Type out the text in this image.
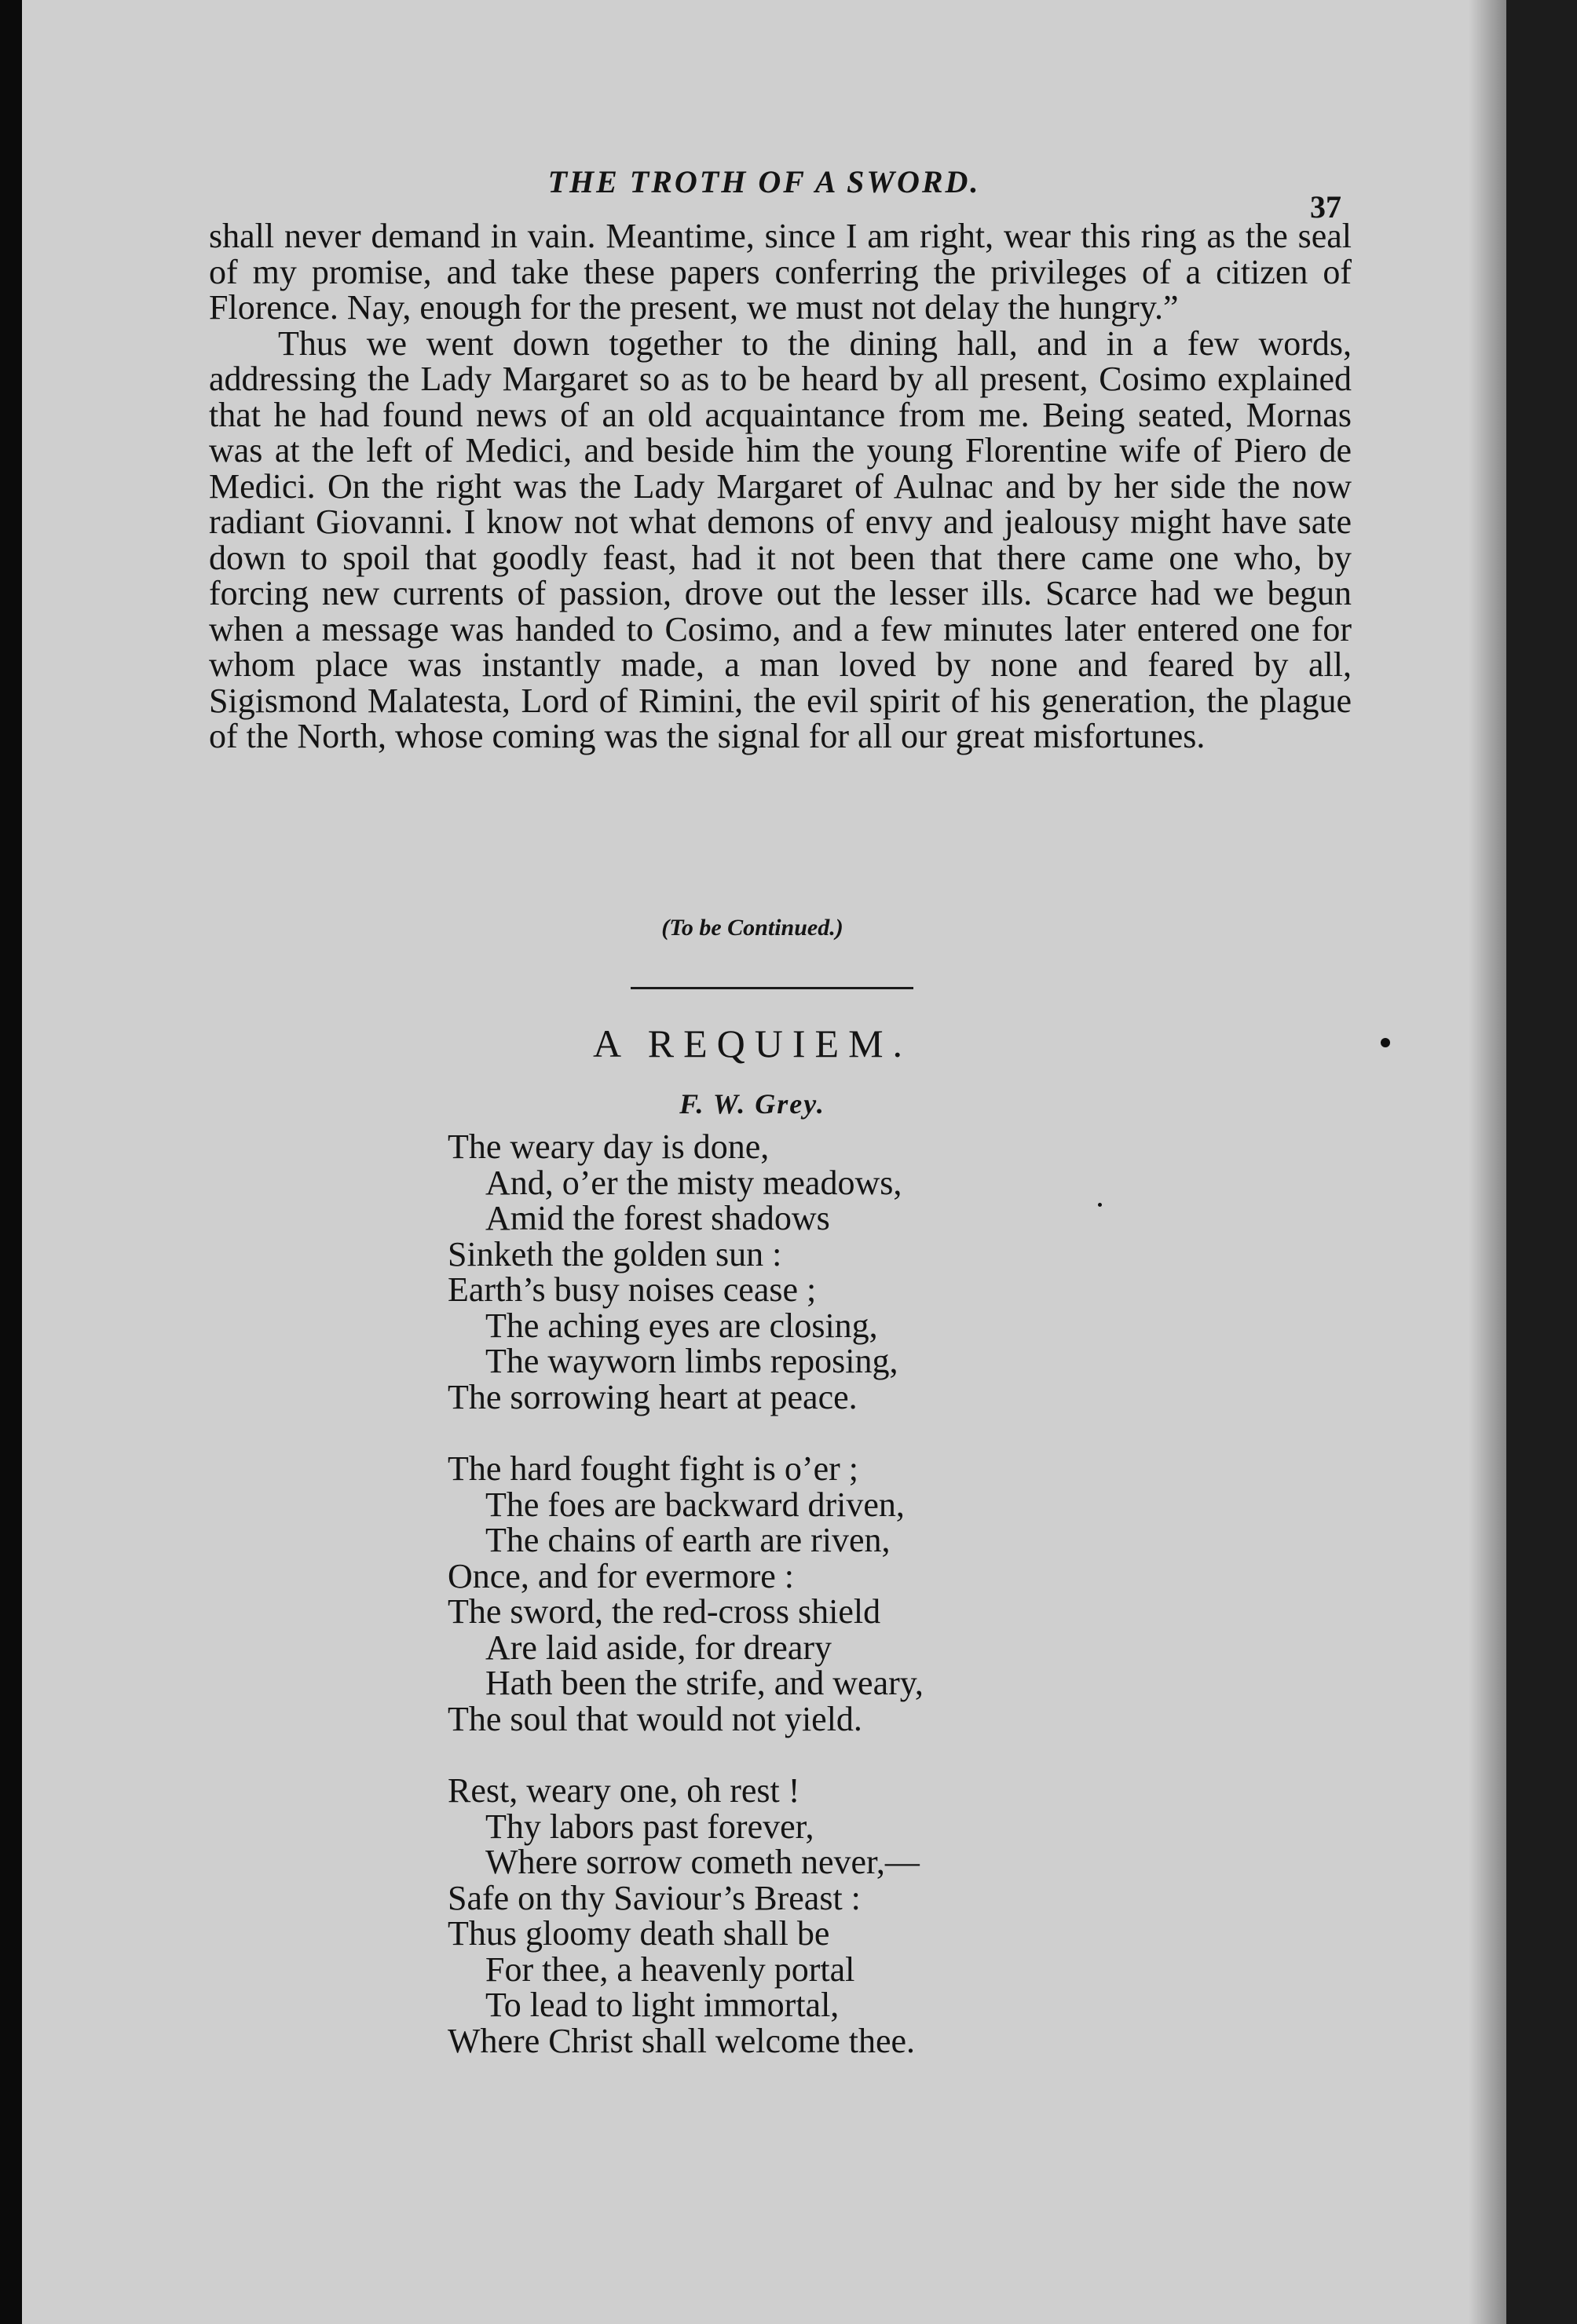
THE TROTH OF A SWORD.
37

shall never demand in vain. Meantime, since I am right, wear this ring as the seal of my promise, and take these papers conferring the privileges of a citizen of Florence. Nay, enough for the present, we must not delay the hungry.”

Thus we went down together to the dining hall, and in a few words, addressing the Lady Margaret so as to be heard by all present, Cosimo explained that he had found news of an old acquaintance from me. Being seated, Mornas was at the left of Medici, and beside him the young Florentine wife of Piero de Medici. On the right was the Lady Margaret of Aulnac and by her side the now radiant Giovanni. I know not what demons of envy and jealousy might have sate down to spoil that goodly feast, had it not been that there came one who, by forcing new currents of passion, drove out the lesser ills. Scarce had we begun when a message was handed to Cosimo, and a few minutes later entered one for whom place was instantly made, a man loved by none and feared by all, Sigismond Malatesta, Lord of Rimini, the evil spirit of his generation, the plague of the North, whose coming was the signal for all our great misfortunes.

(To be Continued.)
A REQUIEM.
F. W. Grey.
The weary day is done,
And, o’er the misty meadows,
Amid the forest shadows
Sinketh the golden sun :
Earth’s busy noises cease ;
The aching eyes are closing,
The wayworn limbs reposing,
The sorrowing heart at peace.
The hard fought fight is o’er ;
The foes are backward driven,
The chains of earth are riven,
Once, and for evermore :
The sword, the red-cross shield
Are laid aside, for dreary
Hath been the strife, and weary,
The soul that would not yield.
Rest, weary one, oh rest !
Thy labors past forever,
Where sorrow cometh never,—
Safe on thy Saviour’s Breast :
Thus gloomy death shall be
For thee, a heavenly portal
To lead to light immortal,
Where Christ shall welcome thee.
